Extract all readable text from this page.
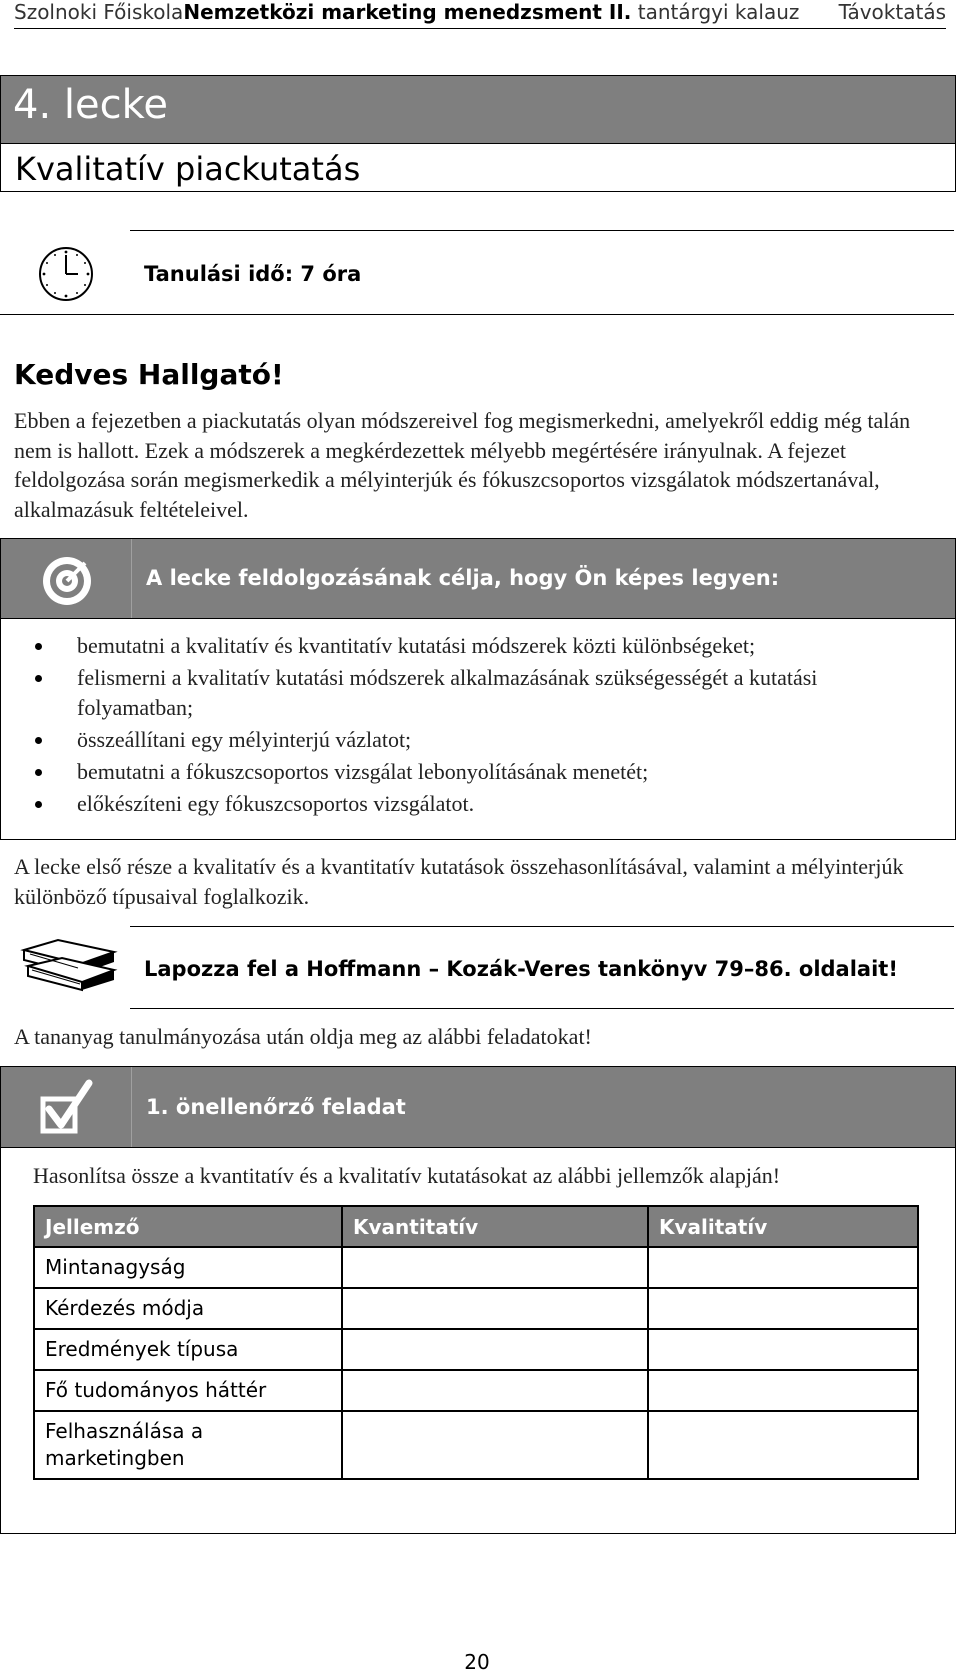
Szolnoki FőiskolaNemzetközi marketing menedzsment II. tantárgyi kalauz Távoktatás
4. lecke
Kvalitatív piackutatás
Tanulási idő: 7 óra
Kedves Hallgató!
Ebben a fejezetben a piackutatás olyan módszereivel fog megismerkedni, amelyekről eddig még talán nem is hallott. Ezek a módszerek a megkérdezettek mélyebb megértésére irányulnak. A fejezet feldolgozása során megismerkedik a mélyinterjúk és fókuszcsoportos vizsgálatok módszertanával, alkalmazásuk feltételeivel.
A lecke feldolgozásának célja, hogy Ön képes legyen:
bemutatni a kvalitatív és kvantitatív kutatási módszerek közti különbségeket;
felismerni a kvalitatív kutatási módszerek alkalmazásának szükségességét a kutatási folyamatban;
összeállítani egy mélyinterjú vázlatot;
bemutatni a fókuszcsoportos vizsgálat lebonyolításának menetét;
előkészíteni egy fókuszcsoportos vizsgálatot.
A lecke első része a kvalitatív és a kvantitatív kutatások összehasonlításával, valamint a mélyinterjúk különböző típusaival foglalkozik.
Lapozza fel a Hoffmann – Kozák-Veres tankönyv 79–86. oldalait!
A tananyag tanulmányozása után oldja meg az alábbi feladatokat!
1. önellenőrző feladat
Hasonlítsa össze a kvantitatív és a kvalitatív kutatásokat az alábbi jellemzők alapján!
Jellemző	Kvantitatív	Kvalitatív
Mintanagyság		
Kérdezés módja		
Eredmények típusa		
Fő tudományos háttér		
Felhasználása a marketingben		
20
